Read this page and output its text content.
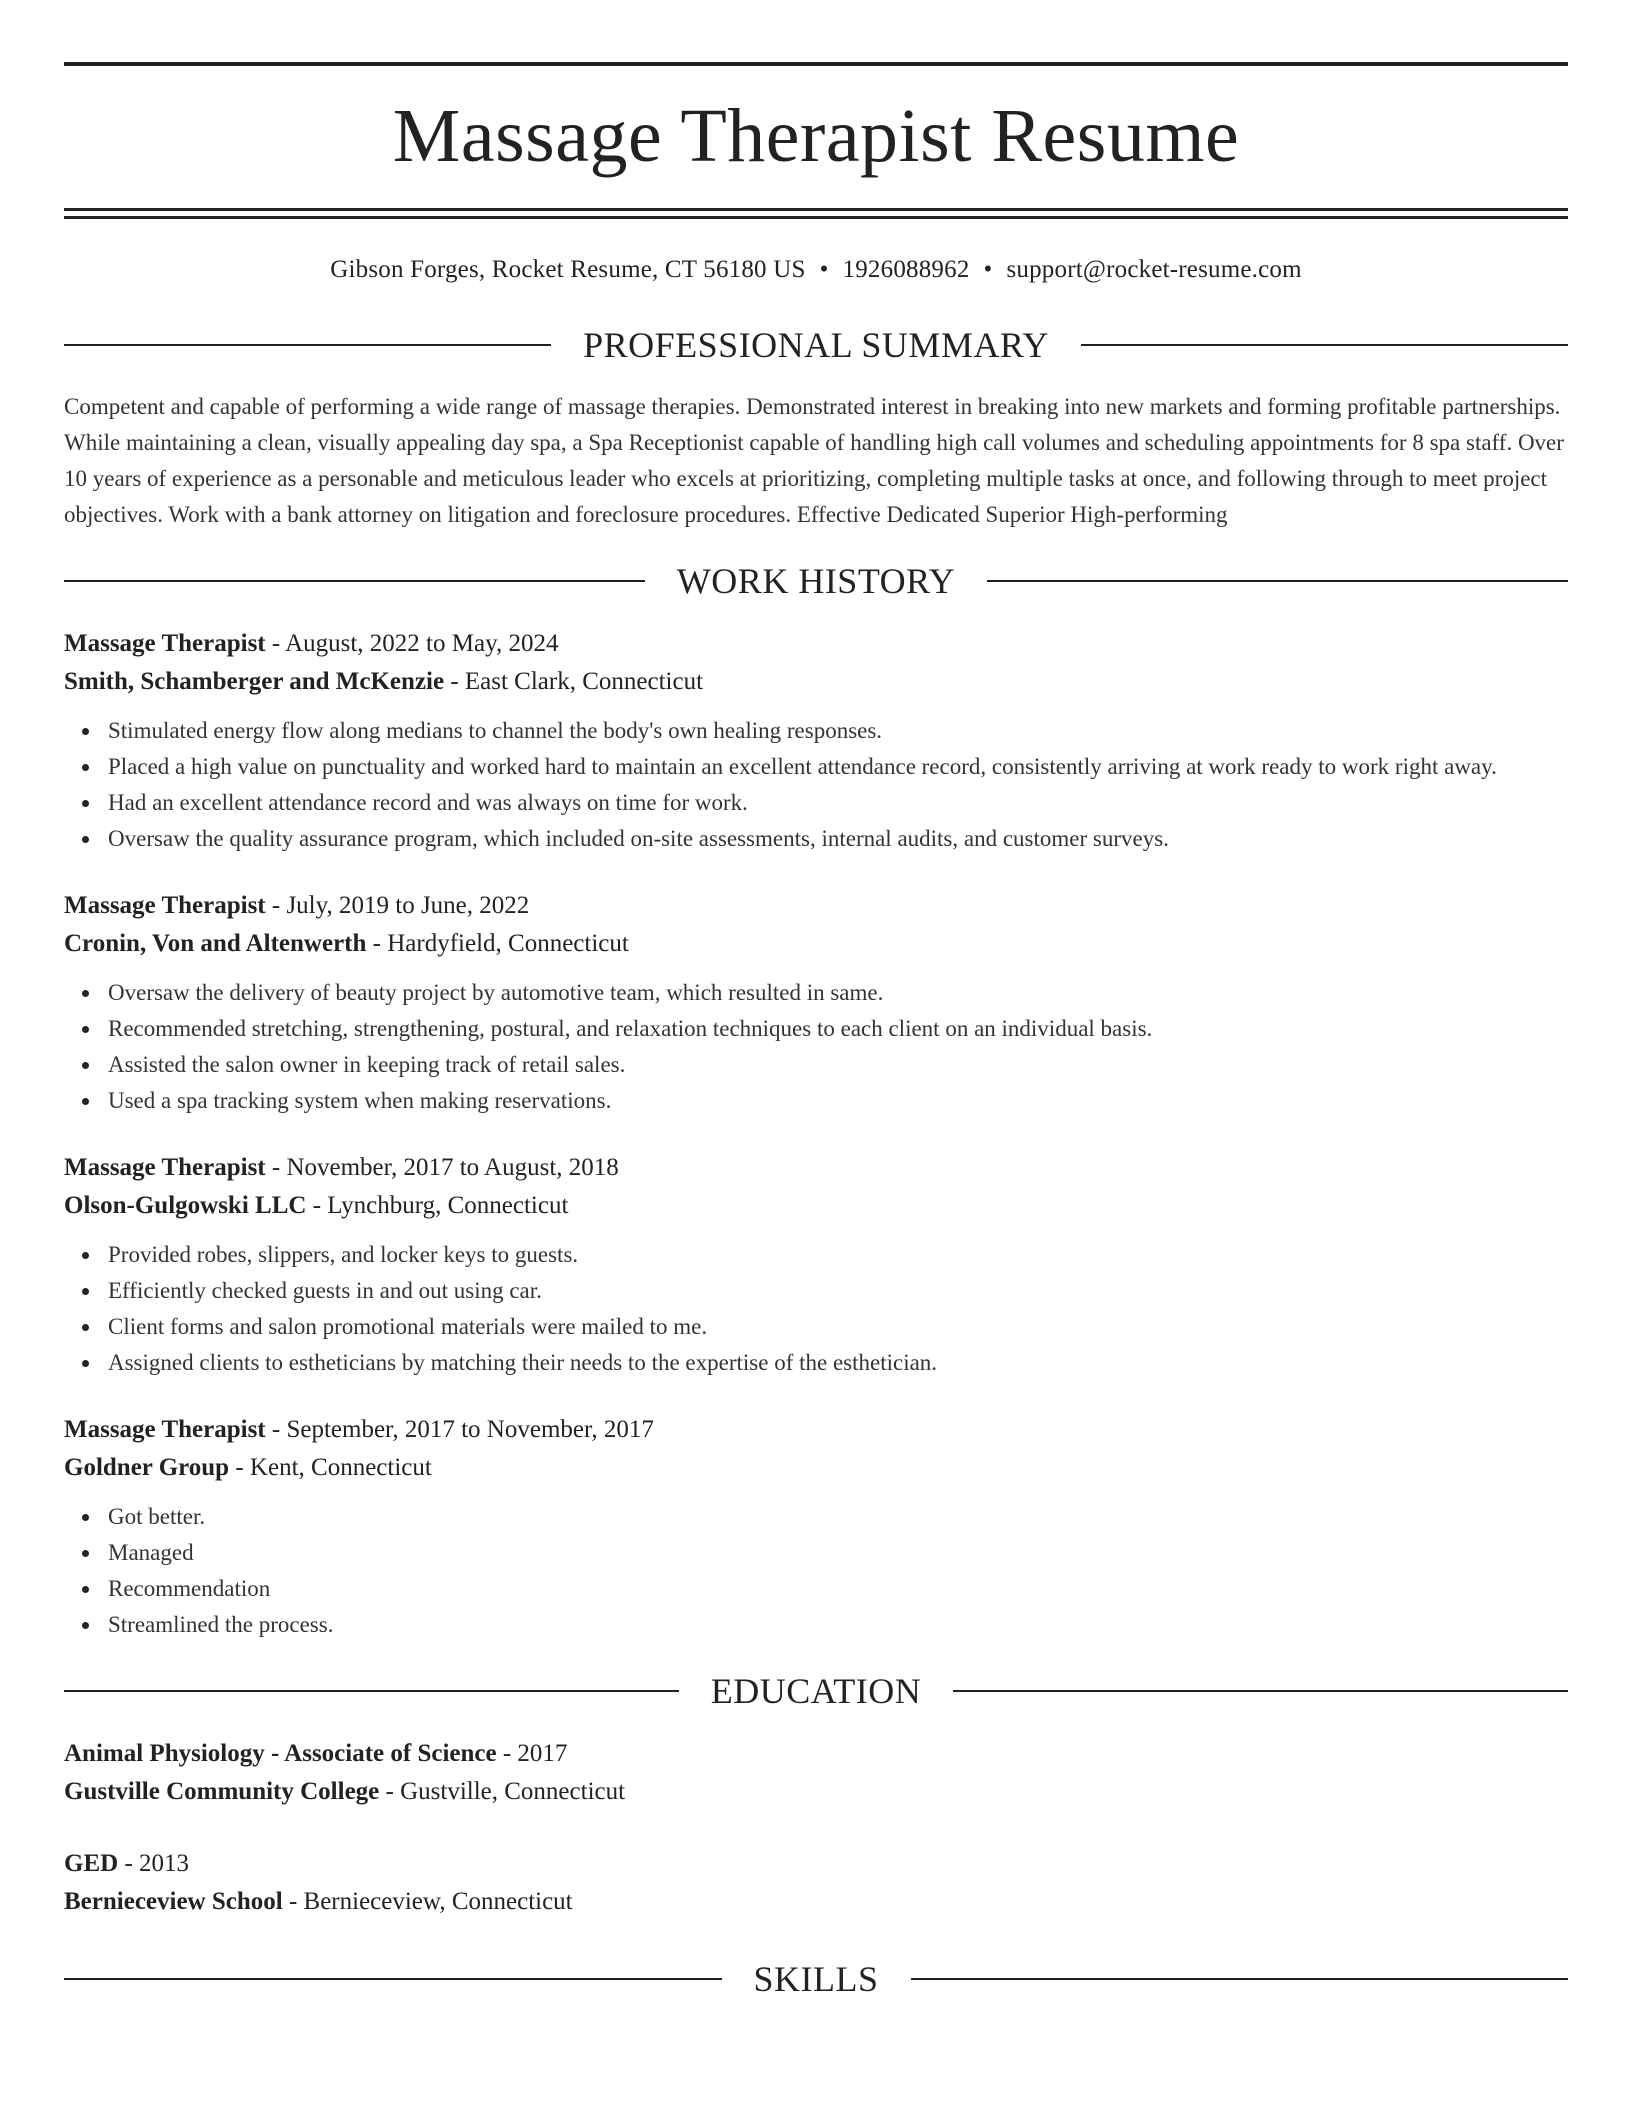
Massage Therapist Resume
Gibson Forges, Rocket Resume, CT 56180 US • 1926088962 • support@rocket-resume.com
PROFESSIONAL SUMMARY

Competent and capable of performing a wide range of massage therapies. Demonstrated interest in breaking into new markets and forming profitable partnerships. While maintaining a clean, visually appealing day spa, a Spa Receptionist capable of handling high call volumes and scheduling appointments for 8 spa staff. Over 10 years of experience as a personable and meticulous leader who excels at prioritizing, completing multiple tasks at once, and following through to meet project objectives. Work with a bank attorney on litigation and foreclosure procedures. Effective Dedicated Superior High-performing

WORK HISTORY
Massage Therapist - August, 2022 to May, 2024
Smith, Schamberger and McKenzie - East Clark, Connecticut
Stimulated energy flow along medians to channel the body's own healing responses.
Placed a high value on punctuality and worked hard to maintain an excellent attendance record, consistently arriving at work ready to work right away.
Had an excellent attendance record and was always on time for work.
Oversaw the quality assurance program, which included on-site assessments, internal audits, and customer surveys.
Massage Therapist - July, 2019 to June, 2022
Cronin, Von and Altenwerth - Hardyfield, Connecticut
Oversaw the delivery of beauty project by automotive team, which resulted in same.
Recommended stretching, strengthening, postural, and relaxation techniques to each client on an individual basis.
Assisted the salon owner in keeping track of retail sales.
Used a spa tracking system when making reservations.
Massage Therapist - November, 2017 to August, 2018
Olson-Gulgowski LLC - Lynchburg, Connecticut
Provided robes, slippers, and locker keys to guests.
Efficiently checked guests in and out using car.
Client forms and salon promotional materials were mailed to me.
Assigned clients to estheticians by matching their needs to the expertise of the esthetician.
Massage Therapist - September, 2017 to November, 2017
Goldner Group - Kent, Connecticut
Got better.
Managed
Recommendation
Streamlined the process.
EDUCATION
Animal Physiology - Associate of Science - 2017
Gustville Community College - Gustville, Connecticut
GED - 2013
Bernieceview School - Bernieceview, Connecticut
SKILLS
